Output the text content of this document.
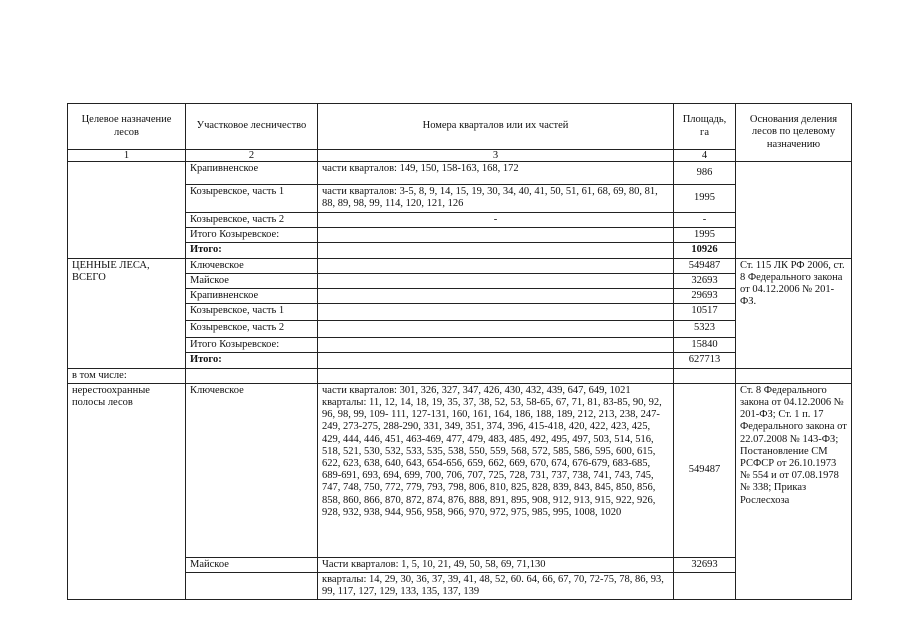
Целевое назначение лесов	Участковое лесничество	Номера кварталов или их частей	Площадь, га	Основания деления лесов по целевому назначению
1	2	3	4	
	Крапивненское	части кварталов: 149, 150, 158-163, 168, 172	986	
	Козыревское, часть 1	части кварталов: 3-5, 8, 9, 14, 15, 19, 30, 34, 40, 41, 50, 51, 61, 68, 69, 80, 81, 88, 89, 98, 99, 114, 120, 121, 126	1995	
	Козыревское, часть 2	-	-	
	Итого Козыревское:		1995	
	Итого:		10926	
ЦЕННЫЕ ЛЕСА, ВСЕГО	Ключевское		549487	Ст. 115 ЛК РФ 2006, ст. 8 Федерального закона от 04.12.2006 № 201-ФЗ.
	Майское		32693	
	Крапивненское		29693	
	Козыревское, часть 1		10517	
	Козыревское, часть 2		5323	
	Итого Козыревское:		15840	
	Итого:		627713	
в том числе:				
нерестоохранные полосы лесов	Ключевское	части кварталов: 301, 326, 327, 347, 426, 430, 432, 439, 647, 649, 1021 кварталы: 11, 12, 14, 18, 19, 35, 37, 38, 52, 53, 58-65, 67, 71, 81, 83-85, 90, 92, 96, 98, 99, 109- 111, 127-131, 160, 161, 164, 186, 188, 189, 212, 213, 238, 247-249, 273-275, 288-290, 331, 349, 351, 374, 396, 415-418, 420, 422, 423, 425, 429, 444, 446, 451, 463-469, 477, 479, 483, 485, 492, 495, 497, 503, 514, 516, 518, 521, 530, 532, 533, 535, 538, 550, 559, 568, 572, 585, 586, 595, 600, 615, 622, 623, 638, 640, 643, 654-656, 659, 662, 669, 670, 674, 676-679, 683-685, 689-691, 693, 694, 699, 700, 706, 707, 725, 728, 731, 737, 738, 741, 743, 745, 747, 748, 750, 772, 779, 793, 798, 806, 810, 825, 828, 839, 843, 845, 850, 856, 858, 860, 866, 870, 872, 874, 876, 888, 891, 895, 908, 912, 913, 915, 922, 926, 928, 932, 938, 944, 956, 958, 966, 970, 972, 975, 985, 995, 1008, 1020	549487	Ст. 8 Федерального закона от 04.12.2006 № 201-ФЗ; Ст. 1 п. 17 Федерального закона от 22.07.2008 № 143-ФЗ; Постановление СМ РСФСР от 26.10.1973 № 554 и от 07.08.1978 № 338; Приказ Рослесхоза
	Майское	Части кварталов: 1, 5, 10, 21, 49, 50, 58, 69, 71,130	32693	
		кварталы: 14, 29, 30, 36, 37, 39, 41, 48, 52, 60. 64, 66, 67, 70, 72-75, 78, 86, 93, 99, 117, 127, 129, 133, 135, 137, 139		
